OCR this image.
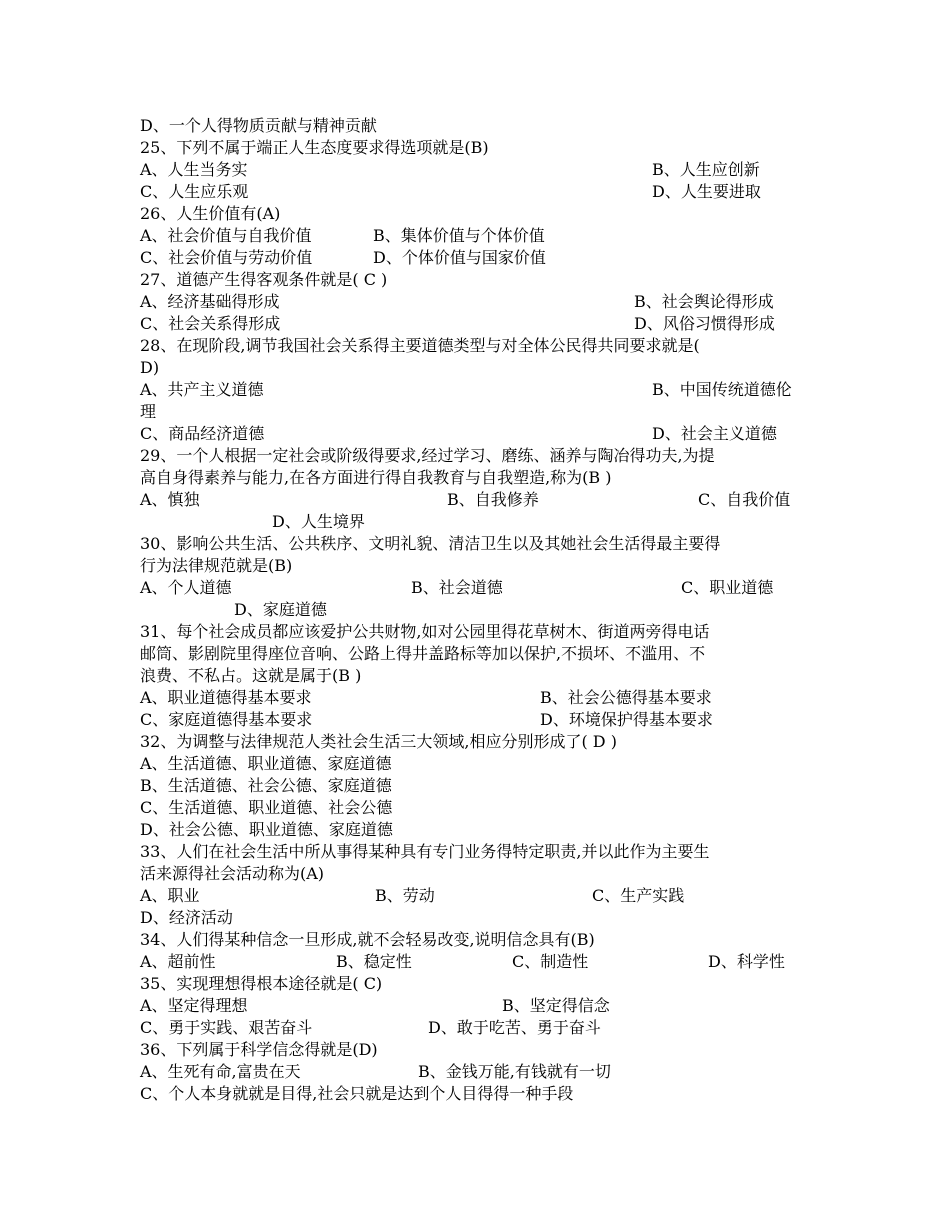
D、一个人得物质贡献与精神贡献
25、下列不属于端正人生态度要求得选项就是(B)
A、人生当务实	B、人生应创新
C、人生应乐观	D、人生要进取
26、人生价值有(A)
A、社会价值与自我价值	B、集体价值与个体价值
C、社会价值与劳动价值	D、个体价值与国家价值
27、道德产生得客观条件就是( C )
A、经济基础得形成	B、社会舆论得形成
C、社会关系得形成	D、风俗习惯得形成
28、在现阶段,调节我国社会关系得主要道德类型与对全体公民得共同要求就是(
D)
A、共产主义道德	B、中国传统道德伦
理
C、商品经济道德	D、社会主义道德
29、一个人根据一定社会或阶级得要求,经过学习、磨练、涵养与陶冶得功夫,为提
高自身得素养与能力,在各方面进行得自我教育与自我塑造,称为(B )
A、慎独	B、自我修养	C、自我价值
D、人生境界
30、影响公共生活、公共秩序、文明礼貌、清洁卫生以及其她社会生活得最主要得
行为法律规范就是(B)
A、个人道德	B、社会道德	C、职业道德
D、家庭道德
31、每个社会成员都应该爱护公共财物,如对公园里得花草树木、街道两旁得电话
邮筒、影剧院里得座位音响、公路上得井盖路标等加以保护,不损坏、不滥用、不
浪费、不私占。这就是属于(B )
A、职业道德得基本要求	B、社会公德得基本要求
C、家庭道德得基本要求	D、环境保护得基本要求
32、为调整与法律规范人类社会生活三大领域,相应分别形成了( D )
A、生活道德、职业道德、家庭道德
B、生活道德、社会公德、家庭道德
C、生活道德、职业道德、社会公德
D、社会公德、职业道德、家庭道德
33、人们在社会生活中所从事得某种具有专门业务得特定职责,并以此作为主要生
活来源得社会活动称为(A)
A、职业	B、劳动	C、生产实践
D、经济活动
34、人们得某种信念一旦形成,就不会轻易改变,说明信念具有(B)
A、超前性	B、稳定性	C、制造性	D、科学性
35、实现理想得根本途径就是( C)
A、坚定得理想	B、坚定得信念
C、勇于实践、艰苦奋斗	D、敢于吃苦、勇于奋斗
36、下列属于科学信念得就是(D)
A、生死有命,富贵在天	B、金钱万能,有钱就有一切
C、个人本身就就是目得,社会只就是达到个人目得得一种手段
